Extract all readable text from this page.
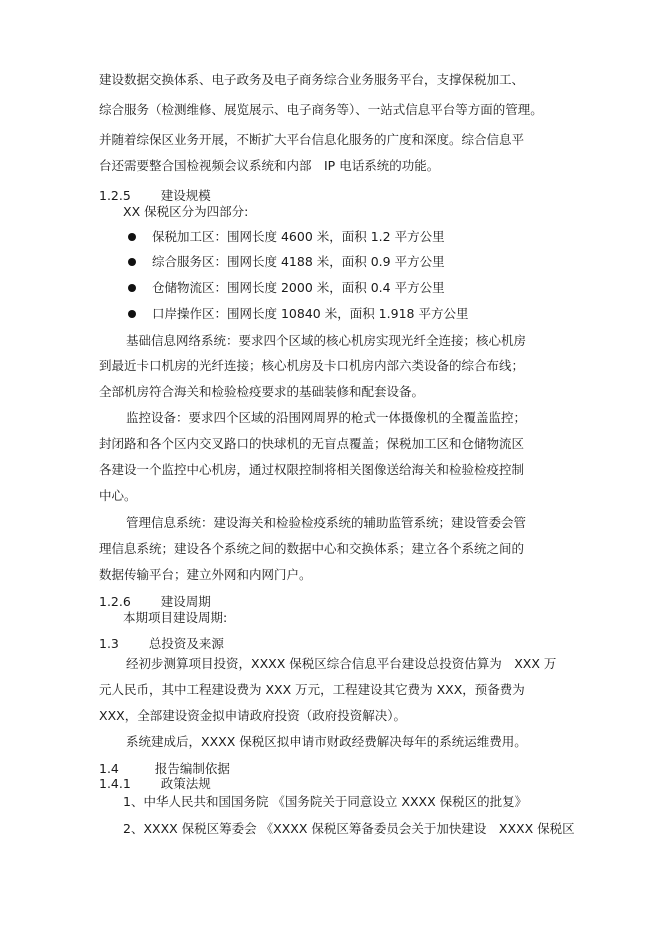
建设数据交换体系、电子政务及电子商务综合业务服务平台，支撑保税加工、
综合服务（检测维修、展览展示、电子商务等）、一站式信息平台等方面的管理。
并随着综保区业务开展，不断扩大平台信息化服务的广度和深度。综合信息平
台还需要整合国检视频会议系统和内部　IP 电话系统的功能。
1.2.5 建设规模
XX 保税区分为四部分:
保税加工区：围网长度 4600 米，面积 1.2 平方公里
综合服务区：围网长度 4188 米，面积 0.9 平方公里
仓储物流区：围网长度 2000 米，面积 0.4 平方公里
口岸操作区：围网长度 10840 米，面积 1.918 平方公里
基础信息网络系统：要求四个区域的核心机房实现光纤全连接；核心机房
到最近卡口机房的光纤连接；核心机房及卡口机房内部六类设备的综合布线；
全部机房符合海关和检验检疫要求的基础装修和配套设备。
监控设备：要求四个区域的沿围网周界的枪式一体摄像机的全覆盖监控；
封闭路和各个区内交叉路口的快球机的无盲点覆盖；保税加工区和仓储物流区
各建设一个监控中心机房，通过权限控制将相关图像送给海关和检验检疫控制
中心。
管理信息系统：建设海关和检验检疫系统的辅助监管系统；建设管委会管
理信息系统；建设各个系统之间的数据中心和交换体系；建立各个系统之间的
数据传输平台；建立外网和内网门户。
1.2.6 建设周期
本期项目建设周期:
1.3 总投资及来源
经初步测算项目投资，XXXX 保税区综合信息平台建设总投资估算为　XXX 万
元人民币，其中工程建设费为 XXX 万元，工程建设其它费为 XXX，预备费为
XXX，全部建设资金拟申请政府投资（政府投资解决）。
系统建成后，XXXX 保税区拟申请市财政经费解决每年的系统运维费用。
1.4	报告编制依据
1.4.1 政策法规
1、中华人民共和国国务院 《国务院关于同意设立 XXXX 保税区的批复》
2、XXXX 保税区筹委会 《XXXX 保税区筹备委员会关于加快建设　XXXX 保税区
